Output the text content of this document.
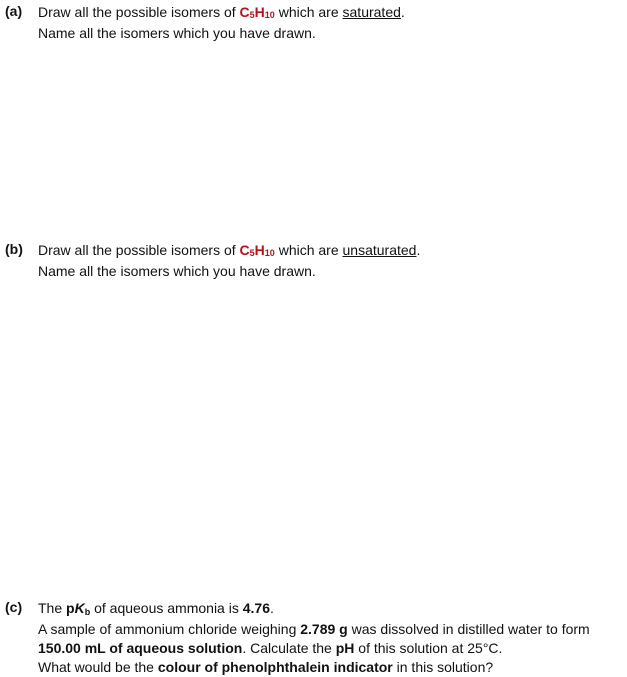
(a) Draw all the possible isomers of $C_5H_{10}$ which are saturated.
Name all the isomers which you have drawn.
(b) Draw all the possible isomers of $C_5H_{10}$ which are unsaturated.
Name all the isomers which you have drawn.
(c) The pKb of aqueous ammonia is 4.76.
A sample of ammonium chloride weighing 2.789 g was dissolved in distilled water to form
150.00 mL of aqueous solution. Calculate the pH of this solution at 25°C.
What would be the colour of phenolphthalein indicator in this solution?
